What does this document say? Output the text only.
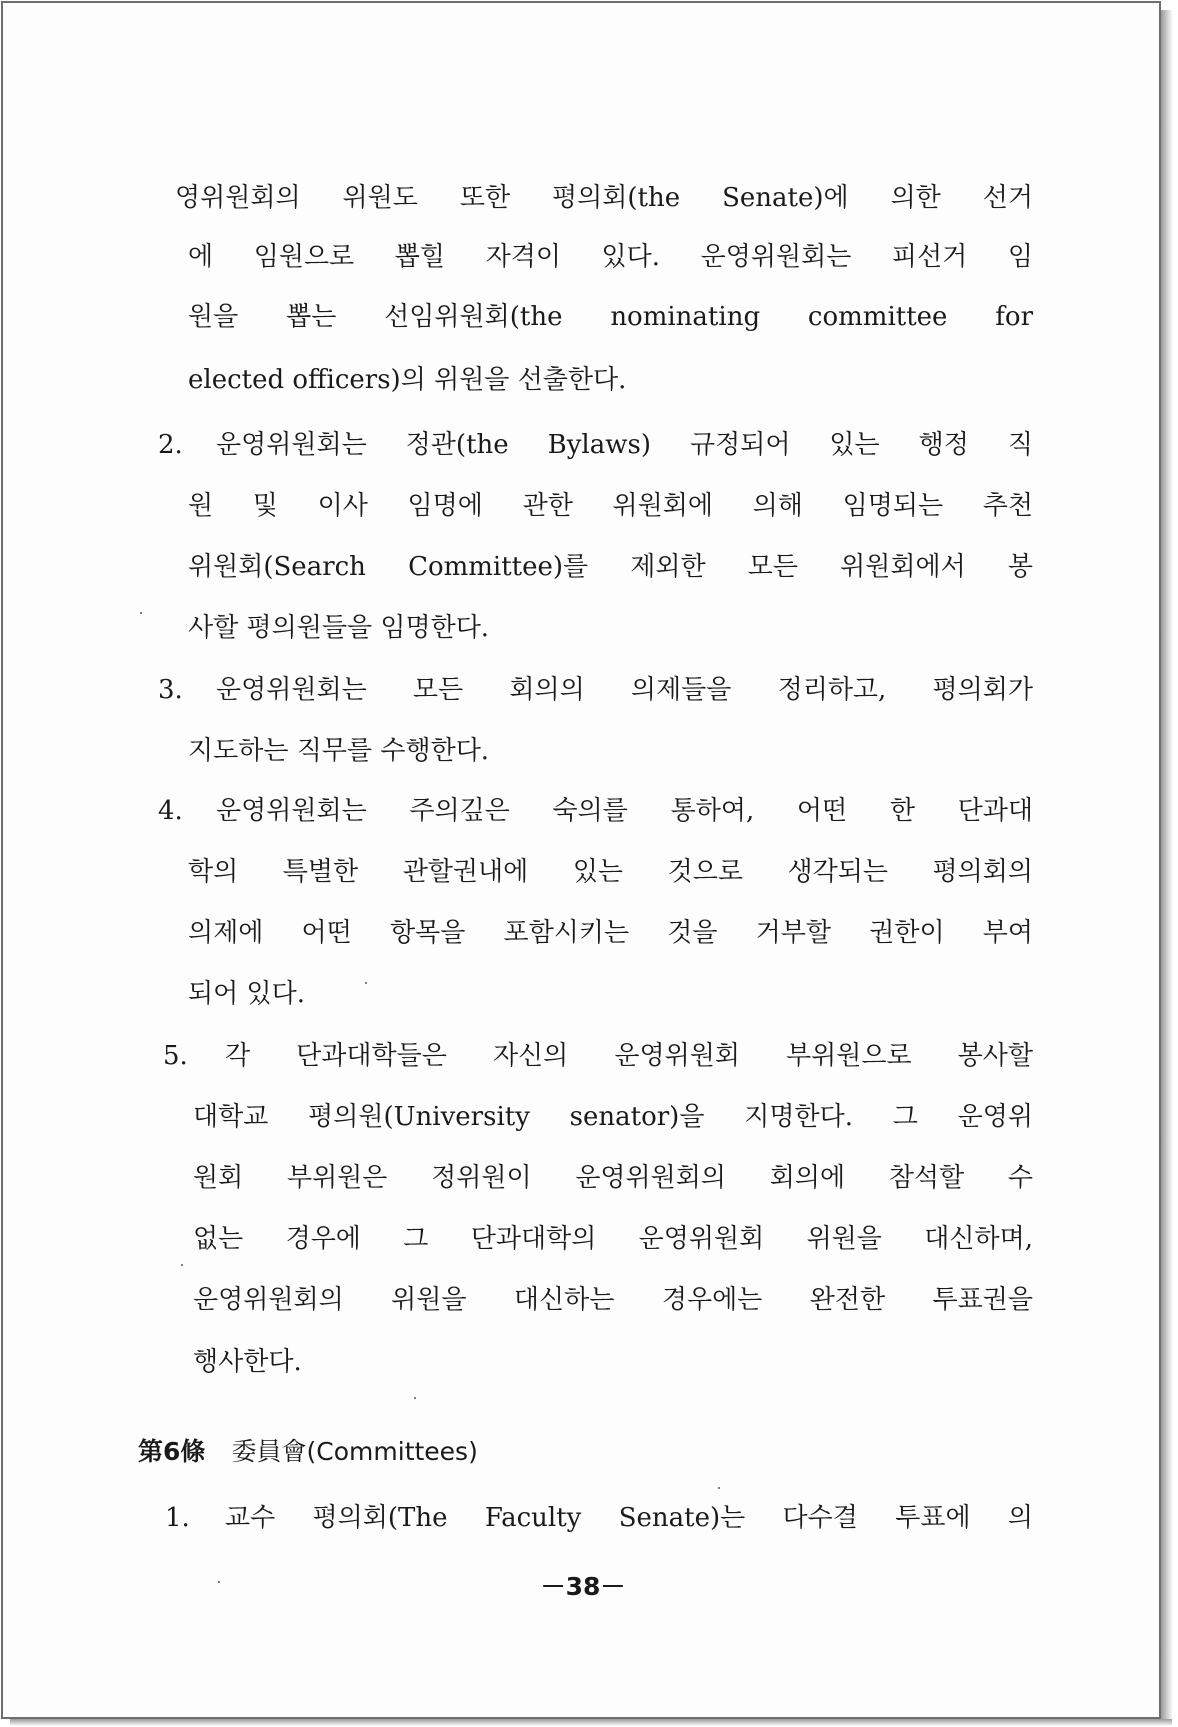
영위원회의 위원도 또한 평의회(the Senate)에 의한 선거
에 임원으로 뽑힐 자격이 있다. 운영위원회는 피선거 임
원을 뽑는 선임위원회(the nominating committee for
elected officers)의 위원을 선출한다.
2. 운영위원회는 정관(the Bylaws) 규정되어 있는 행정 직
원 및 이사 임명에 관한 위원회에 의해 임명되는 추천
위원회(Search Committee)를 제외한 모든 위원회에서 봉
사할 평의원들을 임명한다.
3. 운영위원회는 모든 회의의 의제들을 정리하고, 평의회가
지도하는 직무를 수행한다.
4. 운영위원회는 주의깊은 숙의를 통하여, 어떤 한 단과대
학의 특별한 관할권내에 있는 것으로 생각되는 평의회의
의제에 어떤 항목을 포함시키는 것을 거부할 권한이 부여
되어 있다.
5. 각 단과대학들은 자신의 운영위원회 부위원으로 봉사할
대학교 평의원(University senator)을 지명한다. 그 운영위
원회 부위원은 정위원이 운영위원회의 회의에 참석할 수
없는 경우에 그 단과대학의 운영위원회 위원을 대신하며,
운영위원회의 위원을 대신하는 경우에는 완전한 투표권을
행사한다.
第6條 委員會(Committees)
1. 교수 평의회(The Faculty Senate)는 다수결 투표에 의
－38－
